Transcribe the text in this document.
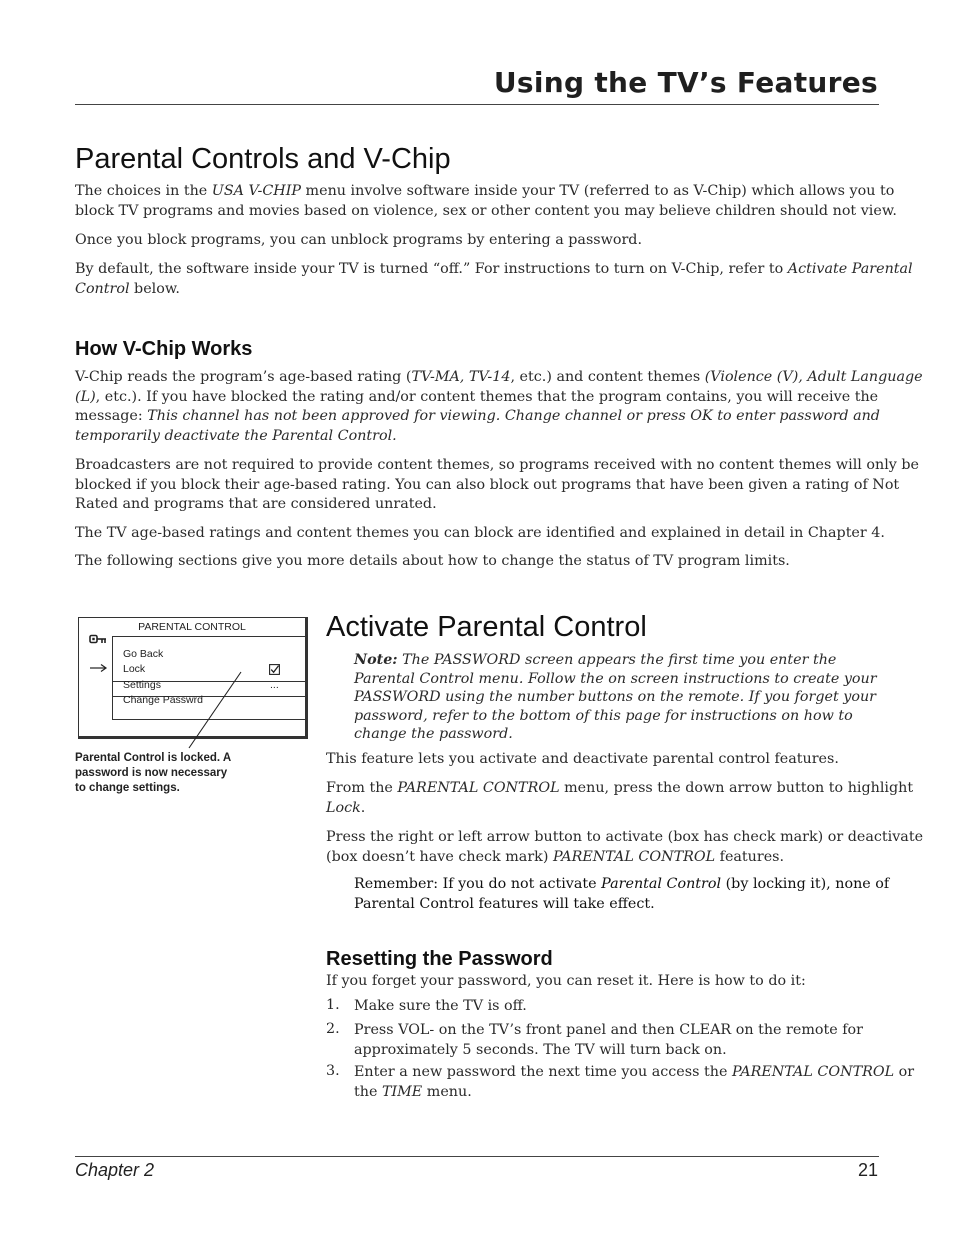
Using the TV’s Features
Parental Controls and V-Chip
The choices in the USA V-CHIP menu involve software inside your TV (referred to as V-Chip) which allows you to
block TV programs and movies based on violence, sex or other content you may believe children should not view.
Once you block programs, you can unblock programs by entering a password.
By default, the software inside your TV is turned “off.” For instructions to turn on V-Chip, refer to Activate Parental
Control below.
How V-Chip Works
V-Chip reads the program’s age-based rating (TV-MA, TV-14, etc.) and content themes (Violence (V), Adult Language
(L), etc.). If you have blocked the rating and/or content themes that the program contains, you will receive the
message: This channel has not been approved for viewing. Change channel or press OK to enter password and
temporarily deactivate the Parental Control.
Broadcasters are not required to provide content themes, so programs received with no content themes will only be
blocked if you block their age-based rating. You can also block out programs that have been given a rating of Not
Rated and programs that are considered unrated.
The TV age-based ratings and content themes you can block are identified and explained in detail in Chapter 4.
The following sections give you more details about how to change the status of TV program limits.
PARENTAL CONTROL
Go Back
Lock
Settings	...
Change Passwrd
Parental Control is locked. A
password is now necessary
to change settings.
Activate Parental Control
Note: The PASSWORD screen appears the first time you enter the
Parental Control menu. Follow the on screen instructions to create your
PASSWORD using the number buttons on the remote. If you forget your
password, refer to the bottom of this page for instructions on how to
change the password.
This feature lets you activate and deactivate parental control features.
From the PARENTAL CONTROL menu, press the down arrow button to highlight
Lock.
Press the right or left arrow button to activate (box has check mark) or deactivate
(box doesn’t have check mark) PARENTAL CONTROL features.
Remember: If you do not activate Parental Control (by locking it), none of
Parental Control features will take effect.
Resetting the Password
If you forget your password, you can reset it. Here is how to do it:
1. Make sure the TV is off.
2. Press VOL- on the TV’s front panel and then CLEAR on the remote for
approximately 5 seconds. The TV will turn back on.
3. Enter a new password the next time you access the PARENTAL CONTROL or
the TIME menu.
Chapter 2	21
